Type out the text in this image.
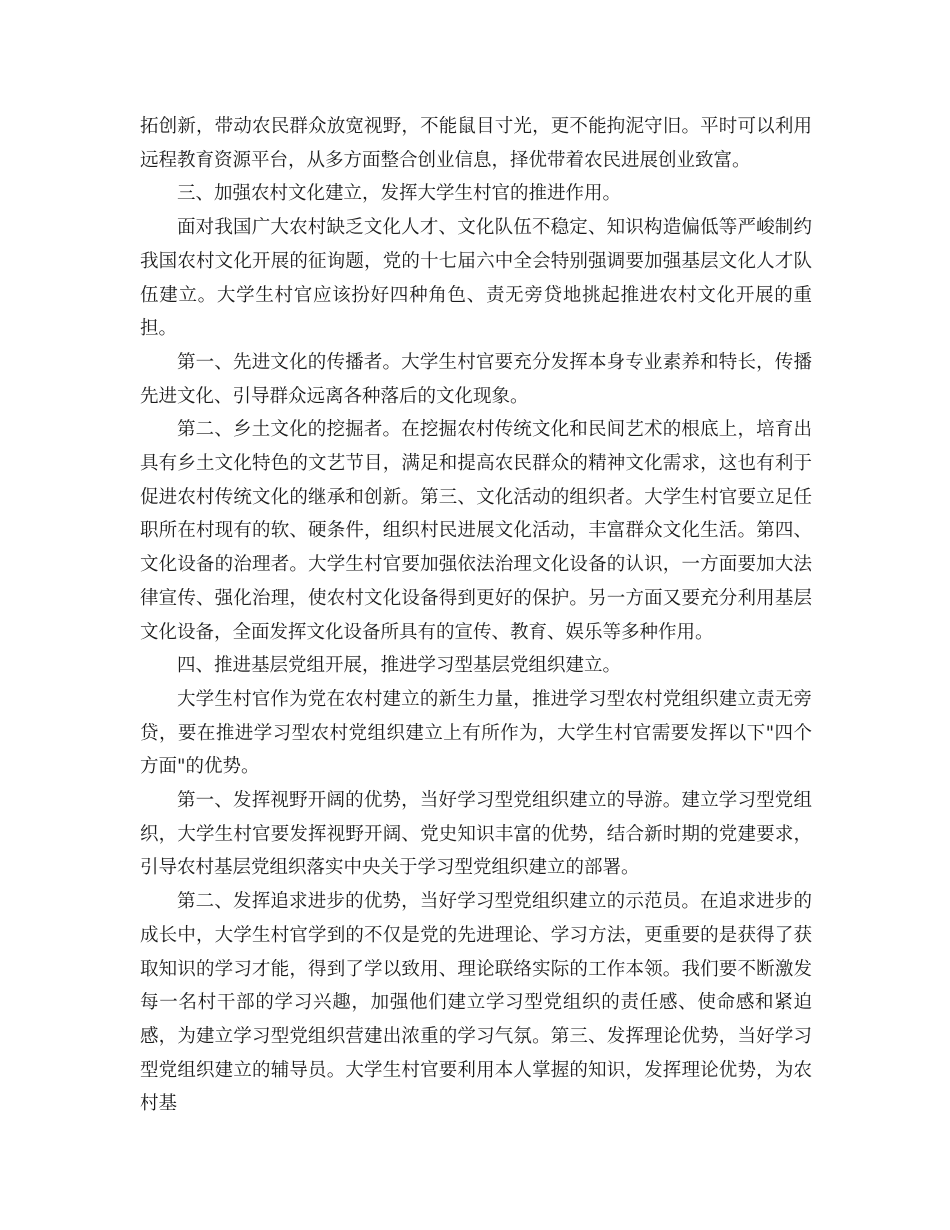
拓创新，带动农民群众放宽视野，不能鼠目寸光，更不能拘泥守旧。平时可以利用远程教育资源平台，从多方面整合创业信息，择优带着农民进展创业致富。

三、加强农村文化建立，发挥大学生村官的推进作用。

面对我国广大农村缺乏文化人才、文化队伍不稳定、知识构造偏低等严峻制约我国农村文化开展的征询题，党的十七届六中全会特别强调要加强基层文化人才队伍建立。大学生村官应该扮好四种角色、责无旁贷地挑起推进农村文化开展的重担。

第一、先进文化的传播者。大学生村官要充分发挥本身专业素养和特长，传播先进文化、引导群众远离各种落后的文化现象。

第二、乡土文化的挖掘者。在挖掘农村传统文化和民间艺术的根底上，培育出具有乡土文化特色的文艺节目，满足和提高农民群众的精神文化需求，这也有利于促进农村传统文化的继承和创新。第三、文化活动的组织者。大学生村官要立足任职所在村现有的软、硬条件，组织村民进展文化活动，丰富群众文化生活。第四、文化设备的治理者。大学生村官要加强依法治理文化设备的认识，一方面要加大法律宣传、强化治理，使农村文化设备得到更好的保护。另一方面又要充分利用基层文化设备，全面发挥文化设备所具有的宣传、教育、娱乐等多种作用。

四、推进基层党组开展，推进学习型基层党组织建立。

大学生村官作为党在农村建立的新生力量，推进学习型农村党组织建立责无旁贷，要在推进学习型农村党组织建立上有所作为，大学生村官需要发挥以下"四个方面"的优势。

第一、发挥视野开阔的优势，当好学习型党组织建立的导游。建立学习型党组织，大学生村官要发挥视野开阔、党史知识丰富的优势，结合新时期的党建要求，引导农村基层党组织落实中央关于学习型党组织建立的部署。

第二、发挥追求进步的优势，当好学习型党组织建立的示范员。在追求进步的成长中，大学生村官学到的不仅是党的先进理论、学习方法，更重要的是获得了获取知识的学习才能，得到了学以致用、理论联络实际的工作本领。我们要不断激发每一名村干部的学习兴趣，加强他们建立学习型党组织的责任感、使命感和紧迫感，为建立学习型党组织营建出浓重的学习气氛。第三、发挥理论优势，当好学习型党组织建立的辅导员。大学生村官要利用本人掌握的知识，发挥理论优势，为农村基
